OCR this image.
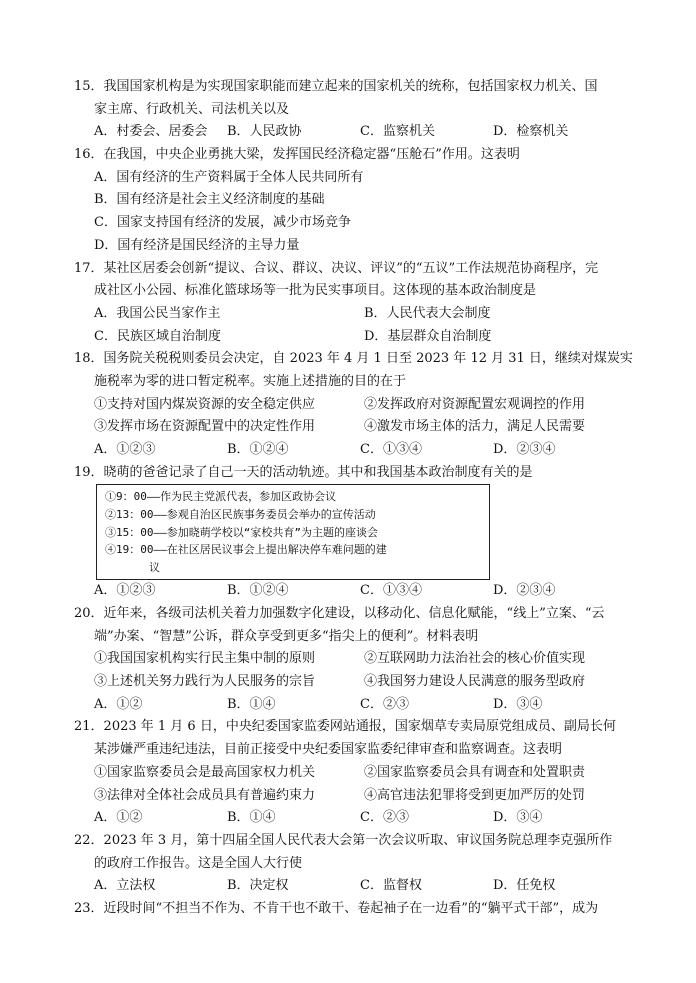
15．我国国家机构是为实现国家职能而建立起来的国家机关的统称，包括国家权力机关、国
家主席、行政机关、司法机关以及
A．村委会、居委会	B．人民政协	C．监察机关	D．检察机关
16．在我国，中央企业勇挑大梁，发挥国民经济稳定器“压舱石”作用。这表明
A．国有经济的生产资料属于全体人民共同所有
B．国有经济是社会主义经济制度的基础
C．国家支持国有经济的发展，减少市场竞争
D．国有经济是国民经济的主导力量
17．某社区居委会创新“提议、合议、群议、决议、评议”的“五议”工作法规范协商程序，完
成社区小公园、标准化篮球场等一批为民实事项目。这体现的基本政治制度是
A．我国公民当家作主	B．人民代表大会制度
C．民族区域自治制度	D．基层群众自治制度
18．国务院关税税则委员会决定，自 2023 年 4 月 1 日至 2023 年 12 月 31 日，继续对煤炭实
施税率为零的进口暂定税率。实施上述措施的目的在于
①支持对国内煤炭资源的安全稳定供应	②发挥政府对资源配置宏观调控的作用
③发挥市场在资源配置中的决定性作用	④激发市场主体的活力，满足人民需要
A．①②③	B．①②④	C．①③④	D．②③④
19．晓萌的爸爸记录了自己一天的活动轨迹。其中和我国基本政治制度有关的是
①9：00——作为民主党派代表，参加区政协会议
②13：00——参观自治区民族事务委员会举办的宣传活动
③15：00——参加晓萌学校以“家校共育”为主题的座谈会
④19：00——在社区居民议事会上提出解决停车难问题的建
议
A．①②③	B．①②④	C．①③④	D．②③④
20．近年来，各级司法机关着力加强数字化建设，以移动化、信息化赋能，“线上”立案、“云
端”办案、“智慧”公诉，群众享受到更多“指尖上的便利”。材料表明
①我国国家机构实行民主集中制的原则	②互联网助力法治社会的核心价值实现
③上述机关努力践行为人民服务的宗旨	④我国努力建设人民满意的服务型政府
A．①②	B．①④	C．②③	D．③④
21．2023 年 1 月 6 日，中央纪委国家监委网站通报，国家烟草专卖局原党组成员、副局长何
某涉嫌严重违纪违法，目前正接受中央纪委国家监委纪律审查和监察调查。这表明
①国家监察委员会是最高国家权力机关	②国家监察委员会具有调查和处置职责
③法律对全体社会成员具有普遍约束力	④高官违法犯罪将受到更加严厉的处罚
A．①②	B．①④	C．②③	D．③④
22．2023 年 3 月，第十四届全国人民代表大会第一次会议听取、审议国务院总理李克强所作
的政府工作报告。这是全国人大行使
A．立法权	B．决定权	C．监督权	D．任免权
23．近段时间“不担当不作为、不肯干也不敢干、卷起袖子在一边看”的“躺平式干部”，成为
